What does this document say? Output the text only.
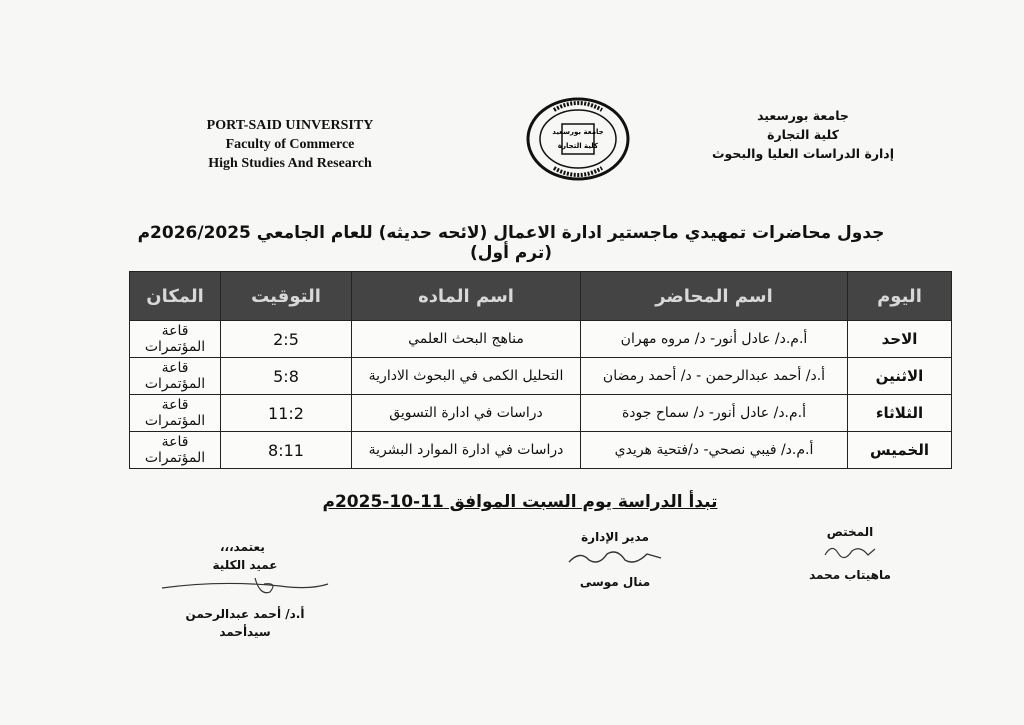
PORT-SAID UINVERSITY
Faculty of Commerce
High Studies And Research
جامعة بورسعيد
كلية التجارة
جامعة بورسعيد
كلية التجارة
إدارة الدراسات العليا والبحوث
جدول محاضرات تمهيدي ماجستير ادارة الاعمال (لائحه حديثه) للعام الجامعي 2026/2025م (ترم أول)
اليوم	اسم المحاضر	اسم الماده	التوقيت	المكان
الاحد	أ.م.د/ عادل أنور- د/ مروه مهران	مناهج البحث العلمي	2:5	قاعة المؤتمرات
الاثنين	أ.د/ أحمد عبدالرحمن - د/ أحمد رمضان	التحليل الكمى في البحوث الادارية	5:8	قاعة المؤتمرات
الثلاثاء	أ.م.د/ عادل أنور- د/ سماح جودة	دراسات في ادارة التسويق	11:2	قاعة المؤتمرات
الخميس	أ.م.د/ فيبي نصحي- د/فتحية هريدي	دراسات في ادارة الموارد البشرية	8:11	قاعة المؤتمرات
تبدأ الدراسة يوم السبت الموافق 11-10-2025م
المختص
ماهيتاب محمد
مدير الإدارة
منال موسى
يعتمد،،،
عميد الكلية
أ.د/ أحمد عبدالرحمن سيدأحمد
